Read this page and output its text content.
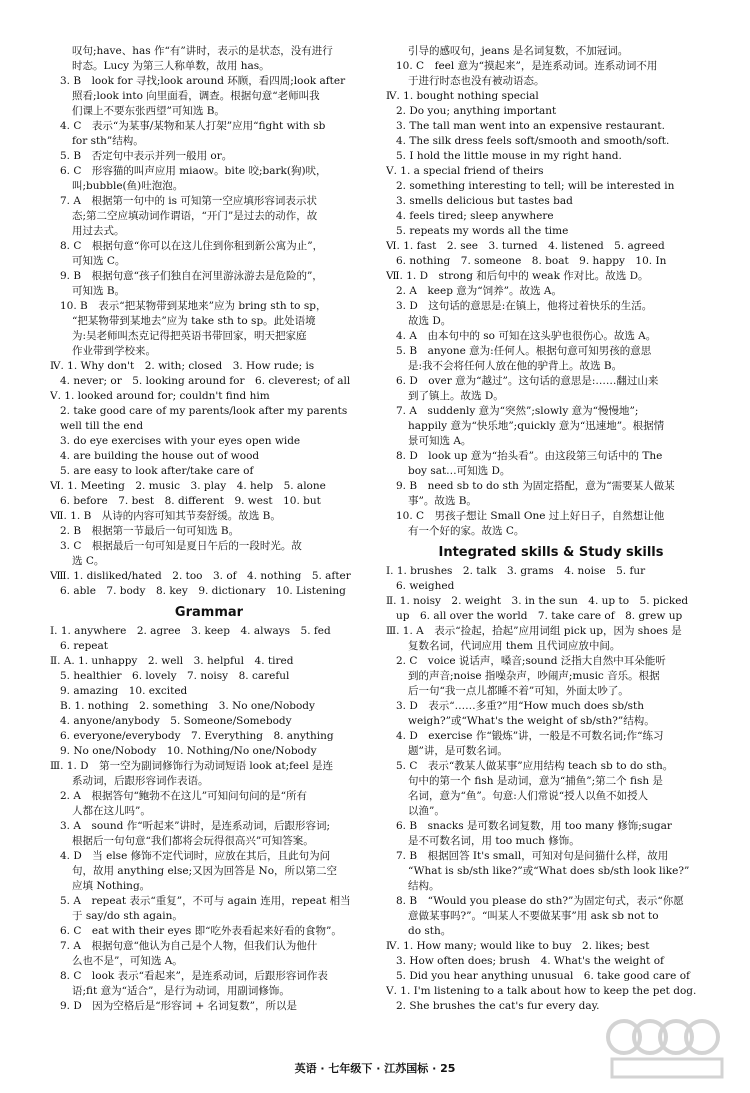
叹句;have、has 作“有”讲时，表示的是状态，没有进行
时态。Lucy 为第三人称单数，故用 has。
3. B　look for 寻找;look around 环顾，看四周;look after
照看;look into 向里面看，调查。根据句意“老师叫我
们课上不要东张西望”可知选 B。
4. C　表示“为某事/某物和某人打架”应用“fight with sb
for sth”结构。
5. B　否定句中表示并列一般用 or。
6. C　形容猫的叫声应用 miaow。bite 咬;bark(狗)吠，
叫;bubble(鱼)吐泡泡。
7. A　根据第一句中的 is 可知第一空应填形容词表示状
态;第二空应填动词作谓语，“开门”是过去的动作，故
用过去式。
8. C　根据句意“你可以在这儿住到你租到新公寓为止”，
可知选 C。
9. B　根据句意“孩子们独自在河里游泳游去是危险的”，
可知选 B。
10. B　表示“把某物带到某地来”应为 bring sth to sp，
“把某物带到某地去”应为 take sth to sp。此处语境
为:吴老师叫杰克记得把英语书带回家，明天把家庭
作业带到学校来。
Ⅳ. 1. Why don't　2. with; closed　3. How rude; is
4. never; or　5. looking around for　6. cleverest; of all
Ⅴ. 1. looked around for; couldn't find him
2. take good care of my parents/look after my parents
well till the end
3. do eye exercises with your eyes open wide
4. are building the house out of wood
5. are easy to look after/take care of
Ⅵ. 1. Meeting　2. music　3. play　4. help　5. alone
6. before　7. best　8. different　9. west　10. but
Ⅶ. 1. B　从诗的内容可知其节奏舒缓。故选 B。
2. B　根据第一节最后一句可知选 B。
3. C　根据最后一句可知是夏日午后的一段时光。故
选 C。
Ⅷ. 1. disliked/hated　2. too　3. of　4. nothing　5. after
6. able　7. body　8. key　9. dictionary　10. Listening
Grammar
Ⅰ. 1. anywhere　2. agree　3. keep　4. always　5. fed
6. repeat
Ⅱ. A. 1. unhappy　2. well　3. helpful　4. tired
5. healthier　6. lovely　7. noisy　8. careful
9. amazing　10. excited
B. 1. nothing　2. something　3. No one/Nobody
4. anyone/anybody　5. Someone/Somebody
6. everyone/everybody　7. Everything　8. anything
9. No one/Nobody　10. Nothing/No one/Nobody
Ⅲ. 1. D　第一空为副词修饰行为动词短语 look at;feel 是连
系动词，后跟形容词作表语。
2. A　根据答句“鲍勃不在这儿”可知问句问的是“所有
人都在这儿吗”。
3. A　sound 作“听起来”讲时，是连系动词，后跟形容词;
根据后一句句意“我们都将会玩得很高兴”可知答案。
4. D　当 else 修饰不定代词时，应放在其后，且此句为问
句，故用 anything else;又因为回答是 No，所以第二空
应填 Nothing。
5. A　repeat 表示“重复”，不可与 again 连用，repeat 相当
于 say/do sth again。
6. C　eat with their eyes 即“吃外表看起来好看的食物”。
7. A　根据句意“他认为自己是个人物，但我们认为他什
么也不是”，可知选 A。
8. C　look 表示“看起来”，是连系动词，后跟形容词作表
语;fit 意为“适合”，是行为动词，用副词修饰。
9. D　因为空格后是“形容词 + 名词复数”，所以是
引导的感叹句，jeans 是名词复数，不加冠词。
10. C　feel 意为“摸起来”，是连系动词。连系动词不用
于进行时态也没有被动语态。
Ⅳ. 1. bought nothing special
2. Do you; anything important
3. The tall man went into an expensive restaurant.
4. The silk dress feels soft/smooth and smooth/soft.
5. I hold the little mouse in my right hand.
Ⅴ. 1. a special friend of theirs
2. something interesting to tell; will be interested in
3. smells delicious but tastes bad
4. feels tired; sleep anywhere
5. repeats my words all the time
Ⅵ. 1. fast　2. see　3. turned　4. listened　5. agreed
6. nothing　7. someone　8. boat　9. happy　10. In
Ⅶ. 1. D　strong 和后句中的 weak 作对比。故选 D。
2. A　keep 意为“饲养”。故选 A。
3. D　这句话的意思是:在镇上，他将过着快乐的生活。
故选 D。
4. A　由本句中的 so 可知在这头驴也很伤心。故选 A。
5. B　anyone 意为:任何人。根据句意可知男孩的意思
是:我不会将任何人放在他的驴背上。故选 B。
6. D　over 意为“越过”。这句话的意思是:……翻过山来
到了镇上。故选 D。
7. A　suddenly 意为“突然”;slowly 意为“慢慢地”;
happily 意为“快乐地”;quickly 意为“迅速地”。根据情
景可知选 A。
8. D　look up 意为“抬头看”。由这段第三句话中的 The
boy sat…可知选 D。
9. B　need sb to do sth 为固定搭配，意为“需要某人做某
事”。故选 B。
10. C　男孩子想让 Small One 过上好日子，自然想让他
有一个好的家。故选 C。
Integrated skills & Study skills
Ⅰ. 1. brushes　2. talk　3. grams　4. noise　5. fur
6. weighed
Ⅱ. 1. noisy　2. weight　3. in the sun　4. up to　5. picked
up　6. all over the world　7. take care of　8. grew up
Ⅲ. 1. A　表示“捡起，拾起”应用词组 pick up，因为 shoes 是
复数名词，代词应用 them 且代词应放中间。
2. C　voice 说话声，嗓音;sound 泛指大自然中耳朵能听
到的声音;noise 指噪杂声，吵闹声;music 音乐。根据
后一句“我一点儿都睡不着”可知，外面太吵了。
3. D　表示“……多重?”用“How much does sb/sth
weigh?”或“What's the weight of sb/sth?”结构。
4. D　exercise 作“锻炼”讲，一般是不可数名词;作“练习
题”讲，是可数名词。
5. C　表示“教某人做某事”应用结构 teach sb to do sth。
句中的第一个 fish 是动词，意为“捕鱼”;第二个 fish 是
名词，意为“鱼”。句意:人们常说“授人以鱼不如授人
以渔”。
6. B　snacks 是可数名词复数，用 too many 修饰;sugar
是不可数名词，用 too much 修饰。
7. B　根据回答 It's small，可知对句是问猫什么样，故用
“What is sb/sth like?”或“What does sb/sth look like?”
结构。
8. B　“Would you please do sth?”为固定句式，表示“你愿
意做某事吗?”。“叫某人不要做某事”用 ask sb not to
do sth。
Ⅳ. 1. How many; would like to buy　2. likes; best
3. How often does; brush　4. What's the weight of
5. Did you hear anything unusual　6. take good care of
Ⅴ. 1. I'm listening to a talk about how to keep the pet dog.
2. She brushes the cat's fur every day.
英语 · 七年级下 · 江苏国标 · 25
